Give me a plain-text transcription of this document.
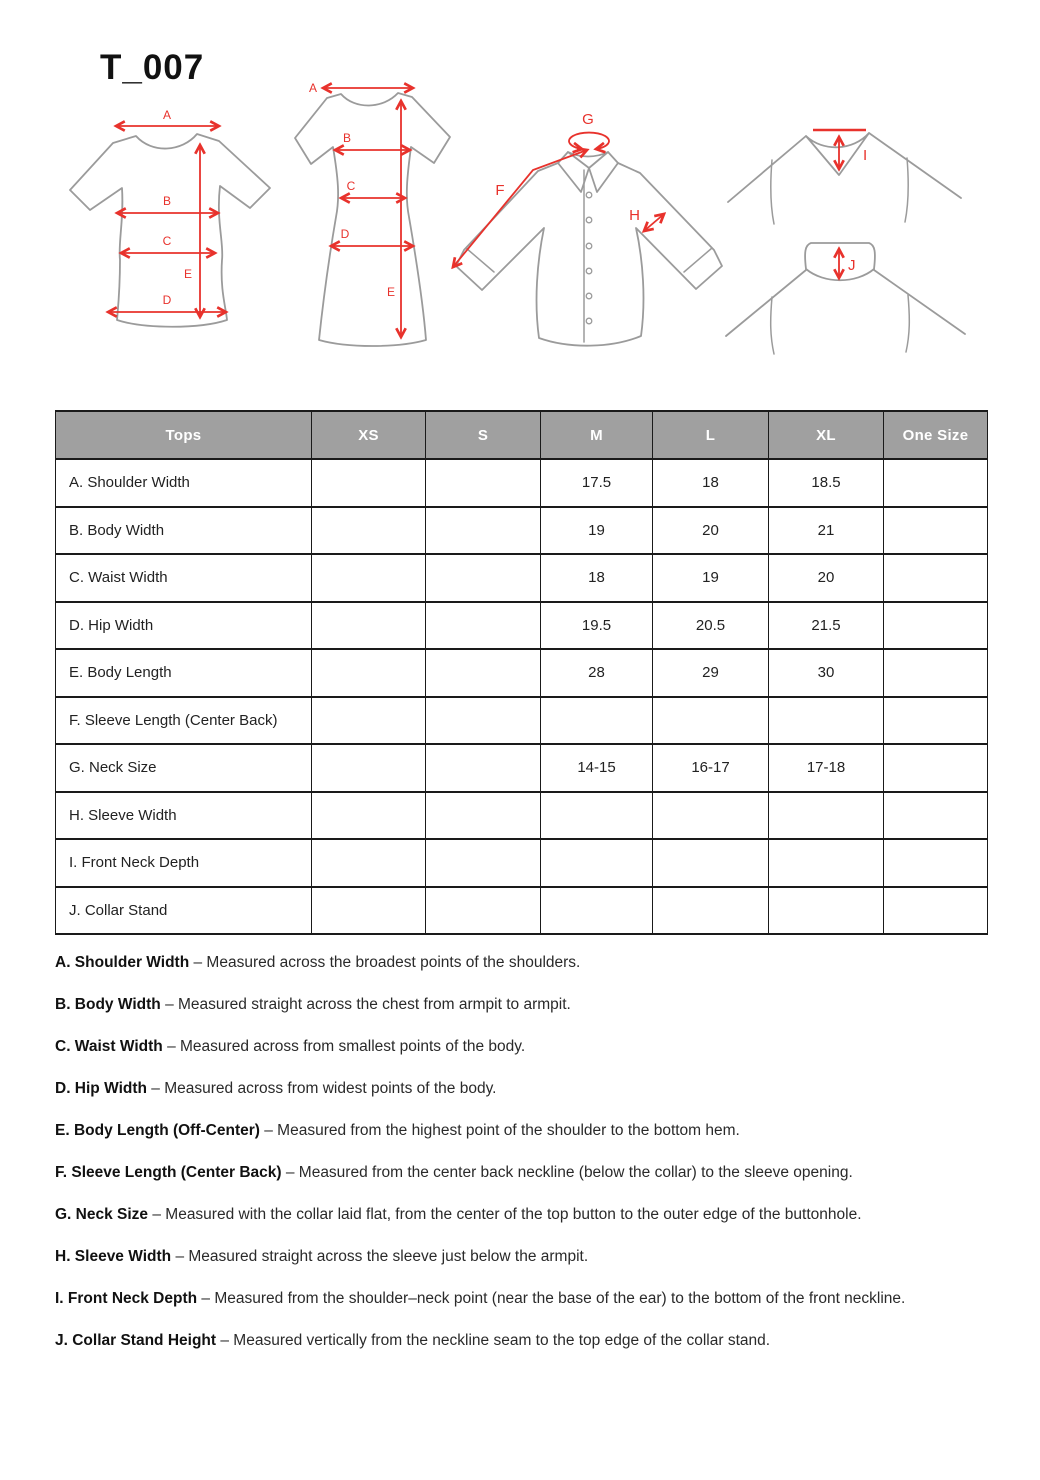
T_007
A
B
C
D
E
A
B
C
D
E
G
F
H
I
J
Tops	XS	S	M	L	XL	One Size
A. Shoulder Width			17.5	18	18.5	
B. Body Width			19	20	21	
C. Waist Width			18	19	20	
D. Hip Width			19.5	20.5	21.5	
E. Body Length			28	29	30	
F. Sleeve Length (Center Back)						
G. Neck Size			14-15	16-17	17-18	
H. Sleeve Width						
I. Front Neck Depth						
J. Collar Stand						

A. Shoulder Width – Measured across the broadest points of the shoulders.

B. Body Width – Measured straight across the chest from armpit to armpit.

C. Waist Width – Measured across from smallest points of the body.

D. Hip Width – Measured across from widest points of the body.

E. Body Length (Off-Center) – Measured from the highest point of the shoulder to the bottom hem.

F. Sleeve Length (Center Back) – Measured from the center back neckline (below the collar) to the sleeve opening.

G. Neck Size – Measured with the collar laid flat, from the center of the top button to the outer edge of the buttonhole.

H. Sleeve Width – Measured straight across the sleeve just below the armpit.

I. Front Neck Depth – Measured from the shoulder–neck point (near the base of the ear) to the bottom of the front neckline.

J. Collar Stand Height – Measured vertically from the neckline seam to the top edge of the collar stand.
